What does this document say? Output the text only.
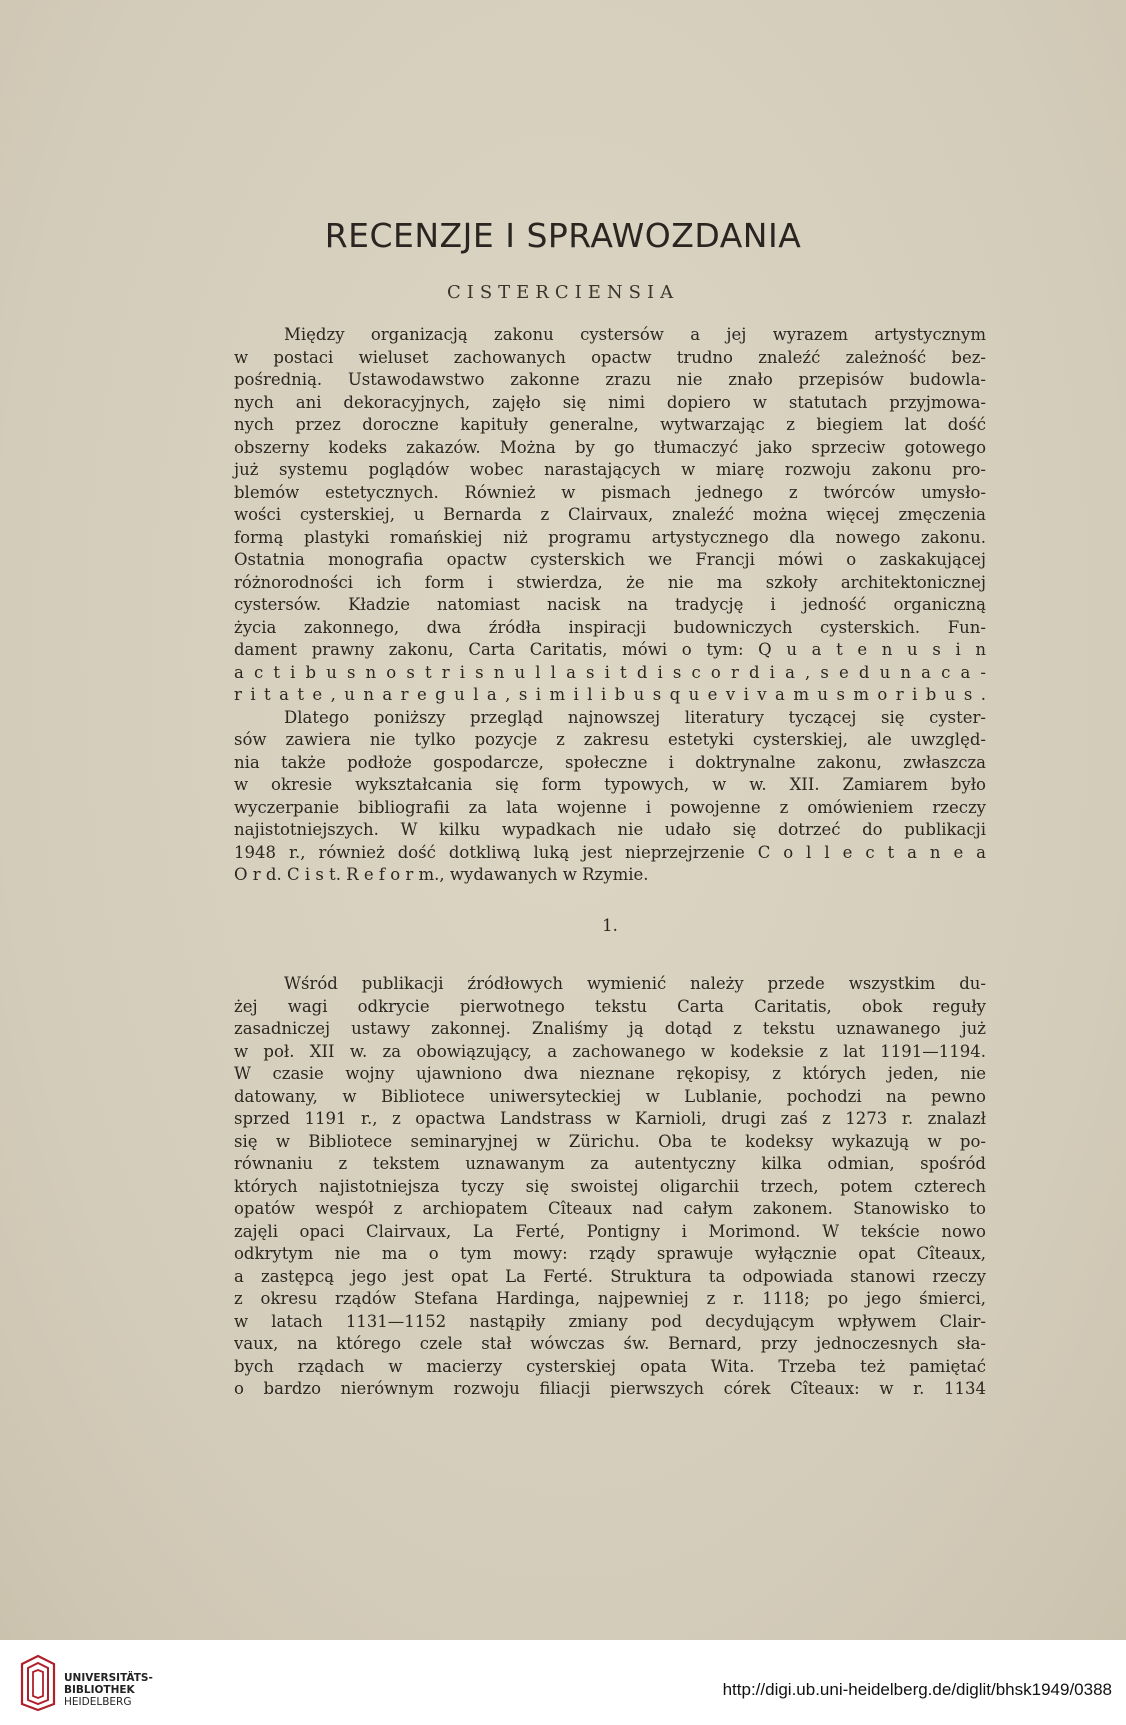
RECENZJE I SPRAWOZDANIA
CISTERCIENSIA
Między organizacją zakonu cystersów a jej wyrazem artystycznym
w postaci wieluset zachowanych opactw trudno znaleźć zależność bez-
pośrednią. Ustawodawstwo zakonne zrazu nie znało przepisów budowla-
nych ani dekoracyjnych, zajęło się nimi dopiero w statutach przyjmowa-
nych przez doroczne kapituły generalne, wytwarzając z biegiem lat dość
obszerny kodeks zakazów. Można by go tłumaczyć jako sprzeciw gotowego
już systemu poglądów wobec narastających w miarę rozwoju zakonu pro-
blemów estetycznych. Również w pismach jednego z twórców umysło-
wości cysterskiej, u Bernarda z Clairvaux, znaleźć można więcej zmęczenia
formą plastyki romańskiej niż programu artystycznego dla nowego zakonu.
Ostatnia monografia opactw cysterskich we Francji mówi o zaskakującej
różnorodności ich form i stwierdza, że nie ma szkoły architektonicznej
cystersów. Kładzie natomiast nacisk na tradycję i jedność organiczną
życia zakonnego, dwa źródła inspiracji budowniczych cysterskich. Fun-
dament prawny zakonu, Carta Caritatis, mówi o tym: Q u a t e n u s i n
a c t i b u s n o s t r i s n u l l a s i t d i s c o r d i a , s e d u n a c a -
r i t a t e , u n a r e g u l a , s i m i l i b u s q u e v i v a m u s m o r i b u s .
Dlatego poniższy przegląd najnowszej literatury tyczącej się cyster-
sów zawiera nie tylko pozycje z zakresu estetyki cysterskiej, ale uwzględ-
nia także podłoże gospodarcze, społeczne i doktrynalne zakonu, zwłaszcza
w okresie wykształcania się form typowych, w w. XII. Zamiarem było
wyczerpanie bibliografii za lata wojenne i powojenne z omówieniem rzeczy
najistotniejszych. W kilku wypadkach nie udało się dotrzeć do publikacji
1948 r., również dość dotkliwą luką jest nieprzejrzenie C o l l e c t a n e a
O r d. C i s t. R e f o r m., wydawanych w Rzymie.
1.
Wśród publikacji źródłowych wymienić należy przede wszystkim du-
żej wagi odkrycie pierwotnego tekstu Carta Caritatis, obok reguły
zasadniczej ustawy zakonnej. Znaliśmy ją dotąd z tekstu uznawanego już
w poł. XII w. za obowiązujący, a zachowanego w kodeksie z lat 1191—1194.
W czasie wojny ujawniono dwa nieznane rękopisy, z których jeden, nie
datowany, w Bibliotece uniwersyteckiej w Lublanie, pochodzi na pewno
sprzed 1191 r., z opactwa Landstrass w Karnioli, drugi zaś z 1273 r. znalazł
się w Bibliotece seminaryjnej w Zürichu. Oba te kodeksy wykazują w po-
równaniu z tekstem uznawanym za autentyczny kilka odmian, spośród
których najistotniejsza tyczy się swoistej oligarchii trzech, potem czterech
opatów wespół z archiopatem Cîteaux nad całym zakonem. Stanowisko to
zajęli opaci Clairvaux, La Ferté, Pontigny i Morimond. W tekście nowo
odkrytym nie ma o tym mowy: rządy sprawuje wyłącznie opat Cîteaux,
a zastępcą jego jest opat La Ferté. Struktura ta odpowiada stanowi rzeczy
z okresu rządów Stefana Hardinga, najpewniej z r. 1118; po jego śmierci,
w latach 1131—1152 nastąpiły zmiany pod decydującym wpływem Clair-
vaux, na którego czele stał wówczas św. Bernard, przy jednoczesnych sła-
bych rządach w macierzy cysterskiej opata Wita. Trzeba też pamiętać
o bardzo nierównym rozwoju filiacji pierwszych córek Cîteaux: w r. 1134
UNIVERSITÄTS-
BIBLIOTHEK
HEIDELBERG
http://digi.ub.uni-heidelberg.de/diglit/bhsk1949/0388
